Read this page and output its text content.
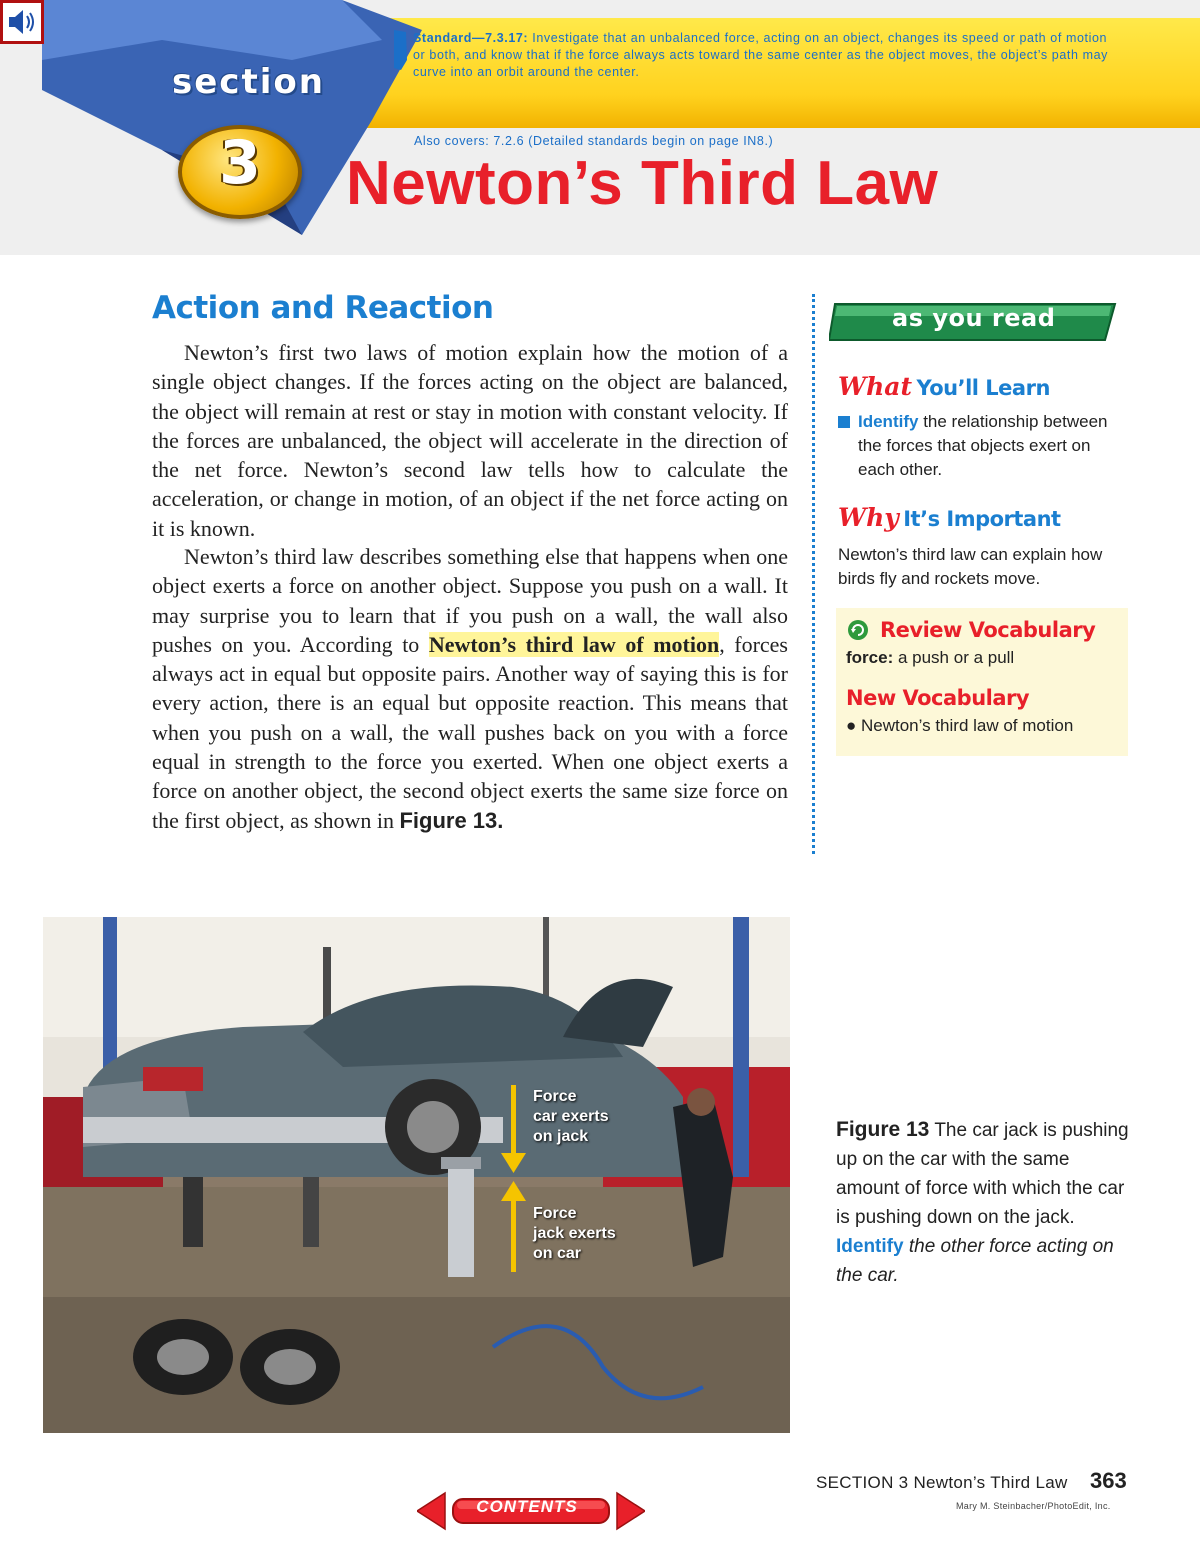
section
3
Standard—7.3.17: Investigate that an unbalanced force, acting on an object, changes its speed or path of motion or both, and know that if the force always acts toward the same center as the object moves, the object’s path may curve into an orbit around the center.
Also covers: 7.2.6 (Detailed standards begin on page IN8.)
Newton’s Third Law
Action and Reaction

Newton’s first two laws of motion explain how the motion of a single object changes. If the forces acting on the object are balanced, the object will remain at rest or stay in motion with constant velocity. If the forces are unbalanced, the object will accelerate in the direction of the net force. Newton’s second law tells how to calculate the acceleration, or change in motion, of an object if the net force acting on it is known.

Newton’s third law describes something else that happens when one object exerts a force on another object. Suppose you push on a wall. It may surprise you to learn that if you push on a wall, the wall also pushes on you. According to Newton’s third law of motion, forces always act in equal but opposite pairs. Another way of saying this is for every action, there is an equal but opposite reaction. This means that when you push on a wall, the wall pushes back on you with a force equal in strength to the force you exerted. When one object exerts a force on another object, the second object exerts the same size force on the first object, as shown in Figure 13.

as you read
What You’ll Learn
Identify the relationship between the forces that objects exert on each other.
Why It’s Important
Newton’s third law can explain how birds fly and rockets move.
Review Vocabulary
force: a push or a pull
New Vocabulary
● Newton’s third law of motion
Force
car exerts
on jack
Force
jack exerts
on car
Figure 13 The car jack is pushing up on the car with the same amount of force with which the car is pushing down on the jack. Identify the other force acting on the car.
SECTION 3 Newton’s Third Law 363
Mary M. Steinbacher/PhotoEdit, Inc.
CONTENTS
